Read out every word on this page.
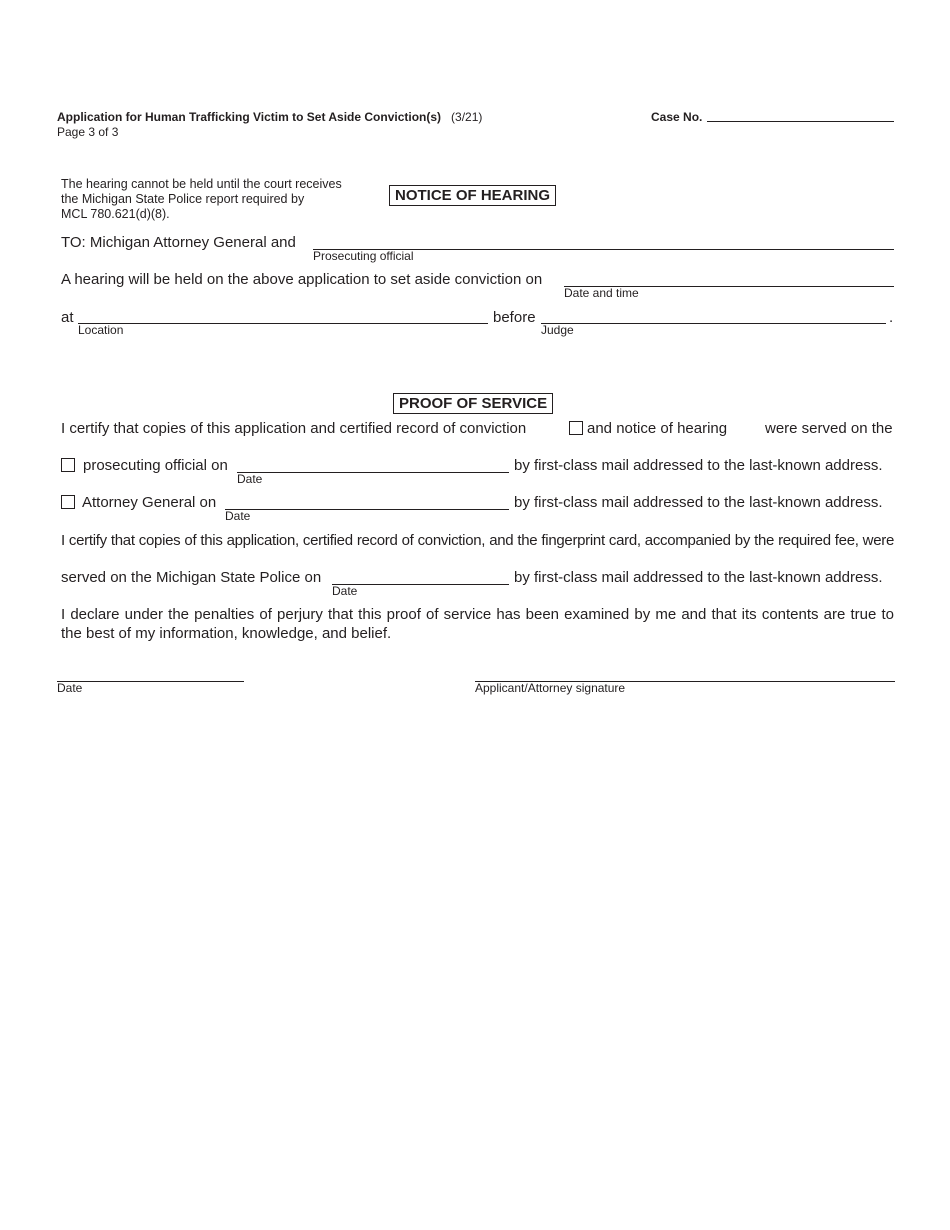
Application for Human Trafficking Victim to Set Aside Conviction(s) (3/21)
Page 3 of 3
Case No.
The hearing cannot be held until the court receives
the Michigan State Police report required by
MCL 780.621(d)(8).
NOTICE OF HEARING
TO: Michigan Attorney General and
Prosecuting official
A hearing will be held on the above application to set aside conviction on
Date and time
at
Location
before
Judge
.
PROOF OF SERVICE
I certify that copies of this application and certified record of conviction	and notice of hearing	were served on the
prosecuting official on
Date
by first-class mail addressed to the last-known address.
Attorney General on
Date
by first-class mail addressed to the last-known address.
I certify that copies of this application, certified record of conviction, and the fingerprint card, accompanied by the required fee, were
served on the Michigan State Police on
Date
by first-class mail addressed to the last-known address.
I declare under the penalties of perjury that this proof of service has been examined by me and that its contents are true to
the best of my information, knowledge, and belief.
Date	Applicant/Attorney signature
